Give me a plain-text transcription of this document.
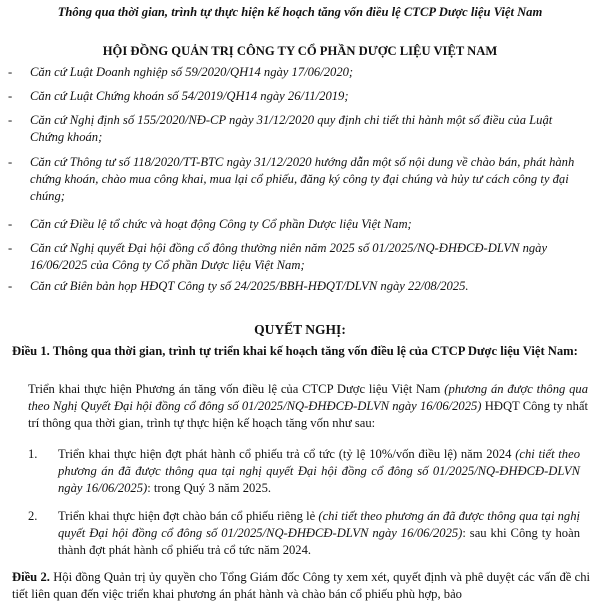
Thông qua thời gian, trình tự thực hiện kế hoạch tăng vốn điều lệ CTCP Dược liệu Việt Nam
HỘI ĐỒNG QUẢN TRỊ CÔNG TY CỔ PHẦN DƯỢC LIỆU VIỆT NAM
- Căn cứ Luật Doanh nghiệp số 59/2020/QH14 ngày 17/06/2020;
- Căn cứ Luật Chứng khoán số 54/2019/QH14 ngày 26/11/2019;
- Căn cứ Nghị định số 155/2020/NĐ-CP ngày 31/12/2020 quy định chi tiết thi hành một số điều của Luật Chứng khoán;
- Căn cứ Thông tư số 118/2020/TT-BTC ngày 31/12/2020 hướng dẫn một số nội dung về chào bán, phát hành chứng khoán, chào mua công khai, mua lại cổ phiếu, đăng ký công ty đại chúng và hủy tư cách công ty đại chúng;
- Căn cứ Điều lệ tổ chức và hoạt động Công ty Cổ phần Dược liệu Việt Nam;
- Căn cứ Nghị quyết Đại hội đồng cổ đông thường niên năm 2025 số 01/2025/NQ-ĐHĐCĐ-DLVN ngày 16/06/2025 của Công ty Cổ phần Dược liệu Việt Nam;
- Căn cứ Biên bản họp HĐQT Công ty số 24/2025/BBH-HĐQT/DLVN ngày 22/08/2025.
QUYẾT NGHỊ:
Điều 1. Thông qua thời gian, trình tự triển khai kế hoạch tăng vốn điều lệ của CTCP Dược liệu Việt Nam:
Triển khai thực hiện Phương án tăng vốn điều lệ của CTCP Dược liệu Việt Nam (phương án được thông qua theo Nghị Quyết Đại hội đồng cổ đông số 01/2025/NQ-ĐHĐCĐ-DLVN ngày 16/06/2025) HĐQT Công ty nhất trí thông qua thời gian, trình tự thực hiện kế hoạch tăng vốn như sau:
1. Triển khai thực hiện đợt phát hành cổ phiếu trả cổ tức (tỷ lệ 10%/vốn điều lệ) năm 2024 (chi tiết theo phương án đã được thông qua tại nghị quyết Đại hội đồng cổ đông số 01/2025/NQ-ĐHĐCĐ-DLVN ngày 16/06/2025): trong Quý 3 năm 2025.
2. Triển khai thực hiện đợt chào bán cổ phiếu riêng lẻ (chi tiết theo phương án đã được thông qua tại nghị quyết Đại hội đồng cổ đông số 01/2025/NQ-ĐHĐCĐ-DLVN ngày 16/06/2025): sau khi Công ty hoàn thành đợt phát hành cổ phiếu trả cổ tức năm 2024.
Điều 2. Hội đồng Quản trị ủy quyền cho Tổng Giám đốc Công ty xem xét, quyết định và phê duyệt các vấn đề chi tiết liên quan đến việc triển khai phương án phát hành và chào bán cổ phiếu phù hợp, bảo
